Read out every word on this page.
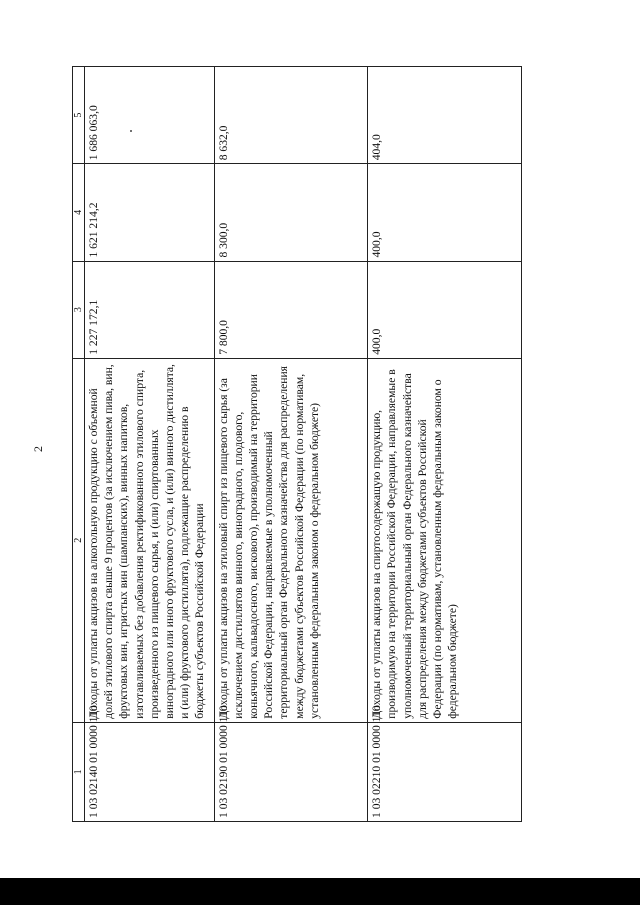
2
1	2	3	4	5
1 03 02140 01 0000 110	Доходы от уплаты акцизов на алкогольную продукцию с объемной долей этилового спирта свыше 9 процентов (за исключением пива, вин, фруктовых вин, игристых вин (шампанских), винных напитков, изготавливаемых без добавления ректификованного этилового спирта, произведенного из пищевого сырья, и (или) спиртованных виноградного или иного фруктового сусла, и (или) винного дистиллята, и (или) фруктового дистиллята), подлежащие распределению в бюджеты субъектов Российской Федерации	1 227 172,1	1 621 214,2	1 686 063,0
1 03 02190 01 0000 110	Доходы от уплаты акцизов на этиловый спирт из пищевого сырья (за исключением дистиллятов винного, виноградного, плодового, коньячного, кальвадосного, вискового), производимый на территории Российской Федерации, направляемые в уполномоченный территориальный орган Федерального казначейства для распределения между бюджетами субъектов Российской Федерации (по нормативам, установленным федеральным законом о федеральном бюджете)	7 800,0	8 300,0	8 632,0
1 03 02210 01 0000 110	Доходы от уплаты акцизов на спиртосодержащую продукцию, производимую на территории Российской Федерации, направляемые в уполномоченный территориальный орган Федерального казначейства для распределения между бюджетами субъектов Российской Федерации (по нормативам, установленным федеральным законом о федеральном бюджете)	400,0	400,0	404,0
